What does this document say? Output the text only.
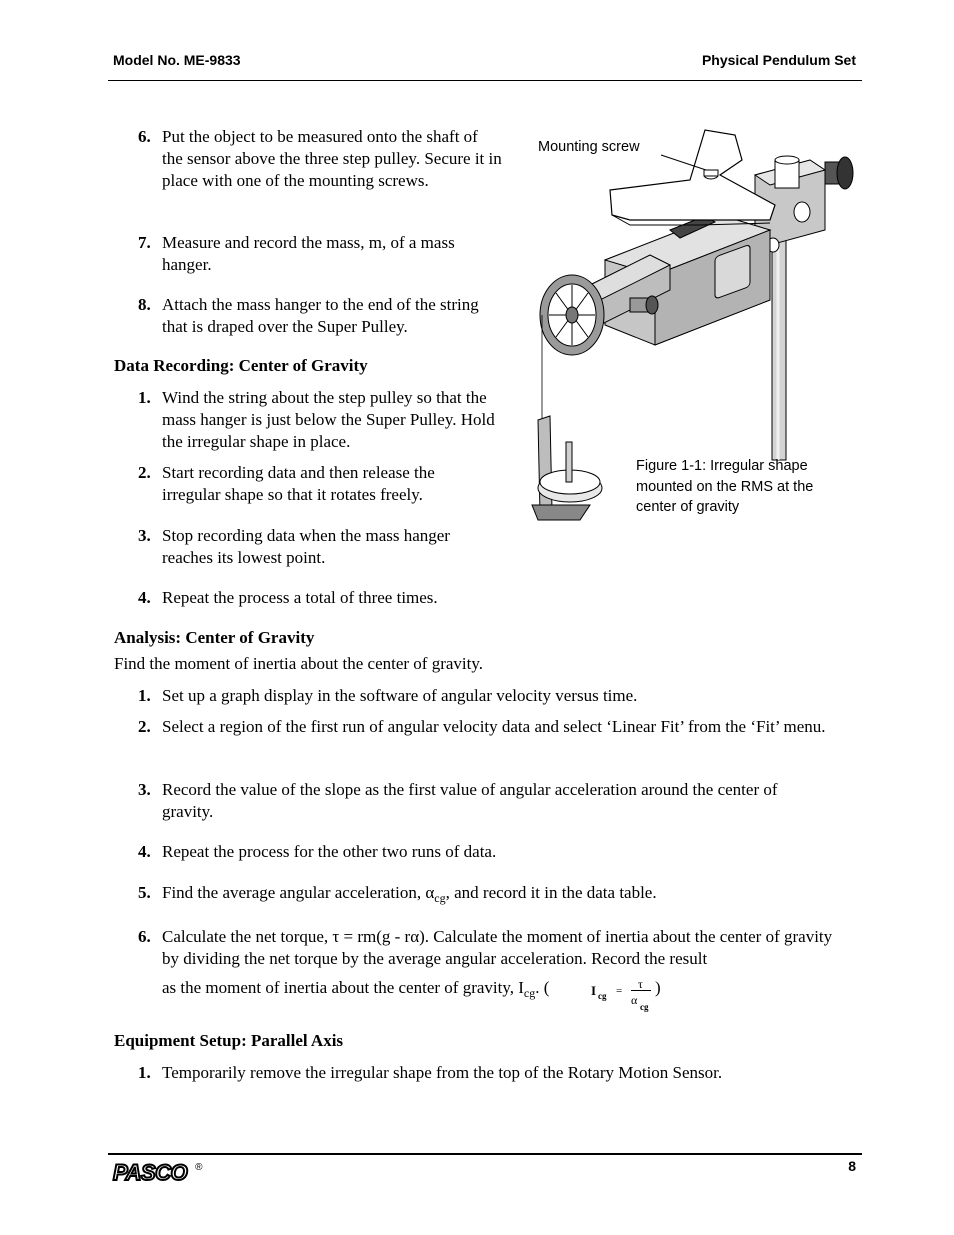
Model No. ME-9833	Physical Pendulum Set
6. Put the object to be measured onto the shaft of the sensor above the three step pulley. Secure it in place with one of the mounting screws.
7. Measure and record the mass, m, of a mass hanger.
8. Attach the mass hanger to the end of the string that is draped over the Super Pulley.
Data Recording: Center of Gravity
1. Wind the string about the step pulley so that the mass hanger is just below the Super Pulley. Hold the irregular shape in place.
2. Start recording data and then release the irregular shape so that it rotates freely.
3. Stop recording data when the mass hanger reaches its lowest point.
4. Repeat the process a total of three times.
Mounting screw
Figure 1-1: Irregular shape mounted on the RMS at the center of gravity
Analysis: Center of Gravity
Find the moment of inertia about the center of gravity.
1. Set up a graph display in the software of angular velocity versus time.
2. Select a region of the first run of angular velocity data and select ‘Linear Fit’ from the ‘Fit’ menu.
3. Record the value of the slope as the first value of angular acceleration around the center of gravity.
4. Repeat the process for the other two runs of data.
5. Find the average angular acceleration, $\alpha_{cg}$, and record it in the data table.
6. Calculate the net torque, τ = rm(g - rα). Calculate the moment of inertia about the center of gravity by dividing the net torque by the average angular acceleration. Record the result
as the moment of inertia about the center of gravity, $I_{cg}$. (	I cg = τ
α cg
)
Equipment Setup: Parallel Axis
1. Temporarily remove the irregular shape from the top of the Rotary Motion Sensor.
PASCO ®	8
